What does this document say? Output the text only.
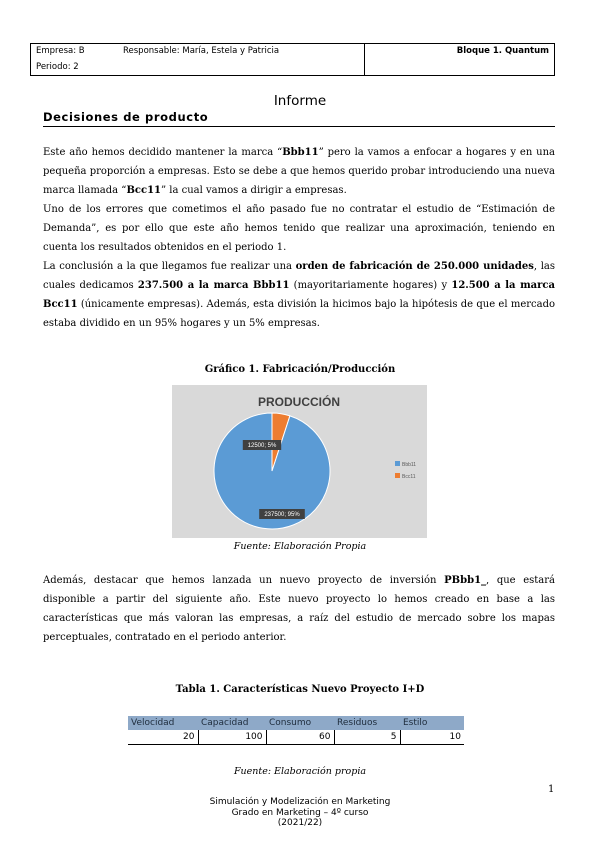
Empresa: B	Responsable: María, Estela y Patricia	Bloque 1. Quantum
Periodo: 2
Informe
Decisiones de producto
Este año hemos decidido mantener la marca “Bbb11” pero la vamos a enfocar a hogares y en una pequeña proporción a empresas. Esto se debe a que hemos querido probar introduciendo una nueva marca llamada “Bcc11” la cual vamos a dirigir a empresas.
Uno de los errores que cometimos el año pasado fue no contratar el estudio de “Estimación de Demanda”, es por ello que este año hemos tenido que realizar una aproximación, teniendo en cuenta los resultados obtenidos en el periodo 1.
La conclusión a la que llegamos fue realizar una orden de fabricación de 250.000 unidades, las cuales dedicamos 237.500 a la marca Bbb11 (mayoritariamente hogares) y 12.500 a la marca Bcc11 (únicamente empresas). Además, esta división la hicimos bajo la hipótesis de que el mercado estaba dividido en un 95% hogares y un 5% empresas.
Gráfico 1. Fabricación/Producción
PRODUCCIÓN
237500; 95%
12500; 5%
Bbb11
Bcc11
Fuente: Elaboración Propia
Además, destacar que hemos lanzada un nuevo proyecto de inversión PBbb1_, que estará disponible a partir del siguiente año. Este nuevo proyecto lo hemos creado en base a las características que más valoran las empresas, a raíz del estudio de mercado sobre los mapas perceptuales, contratado en el periodo anterior.
Tabla 1. Características Nuevo Proyecto I+D
Velocidad	Capacidad	Consumo	Residuos	Estilo
20	100	60	5	10
Fuente: Elaboración propia
1
Simulación y Modelización en Marketing
Grado en Marketing – 4º curso
(2021/22)
